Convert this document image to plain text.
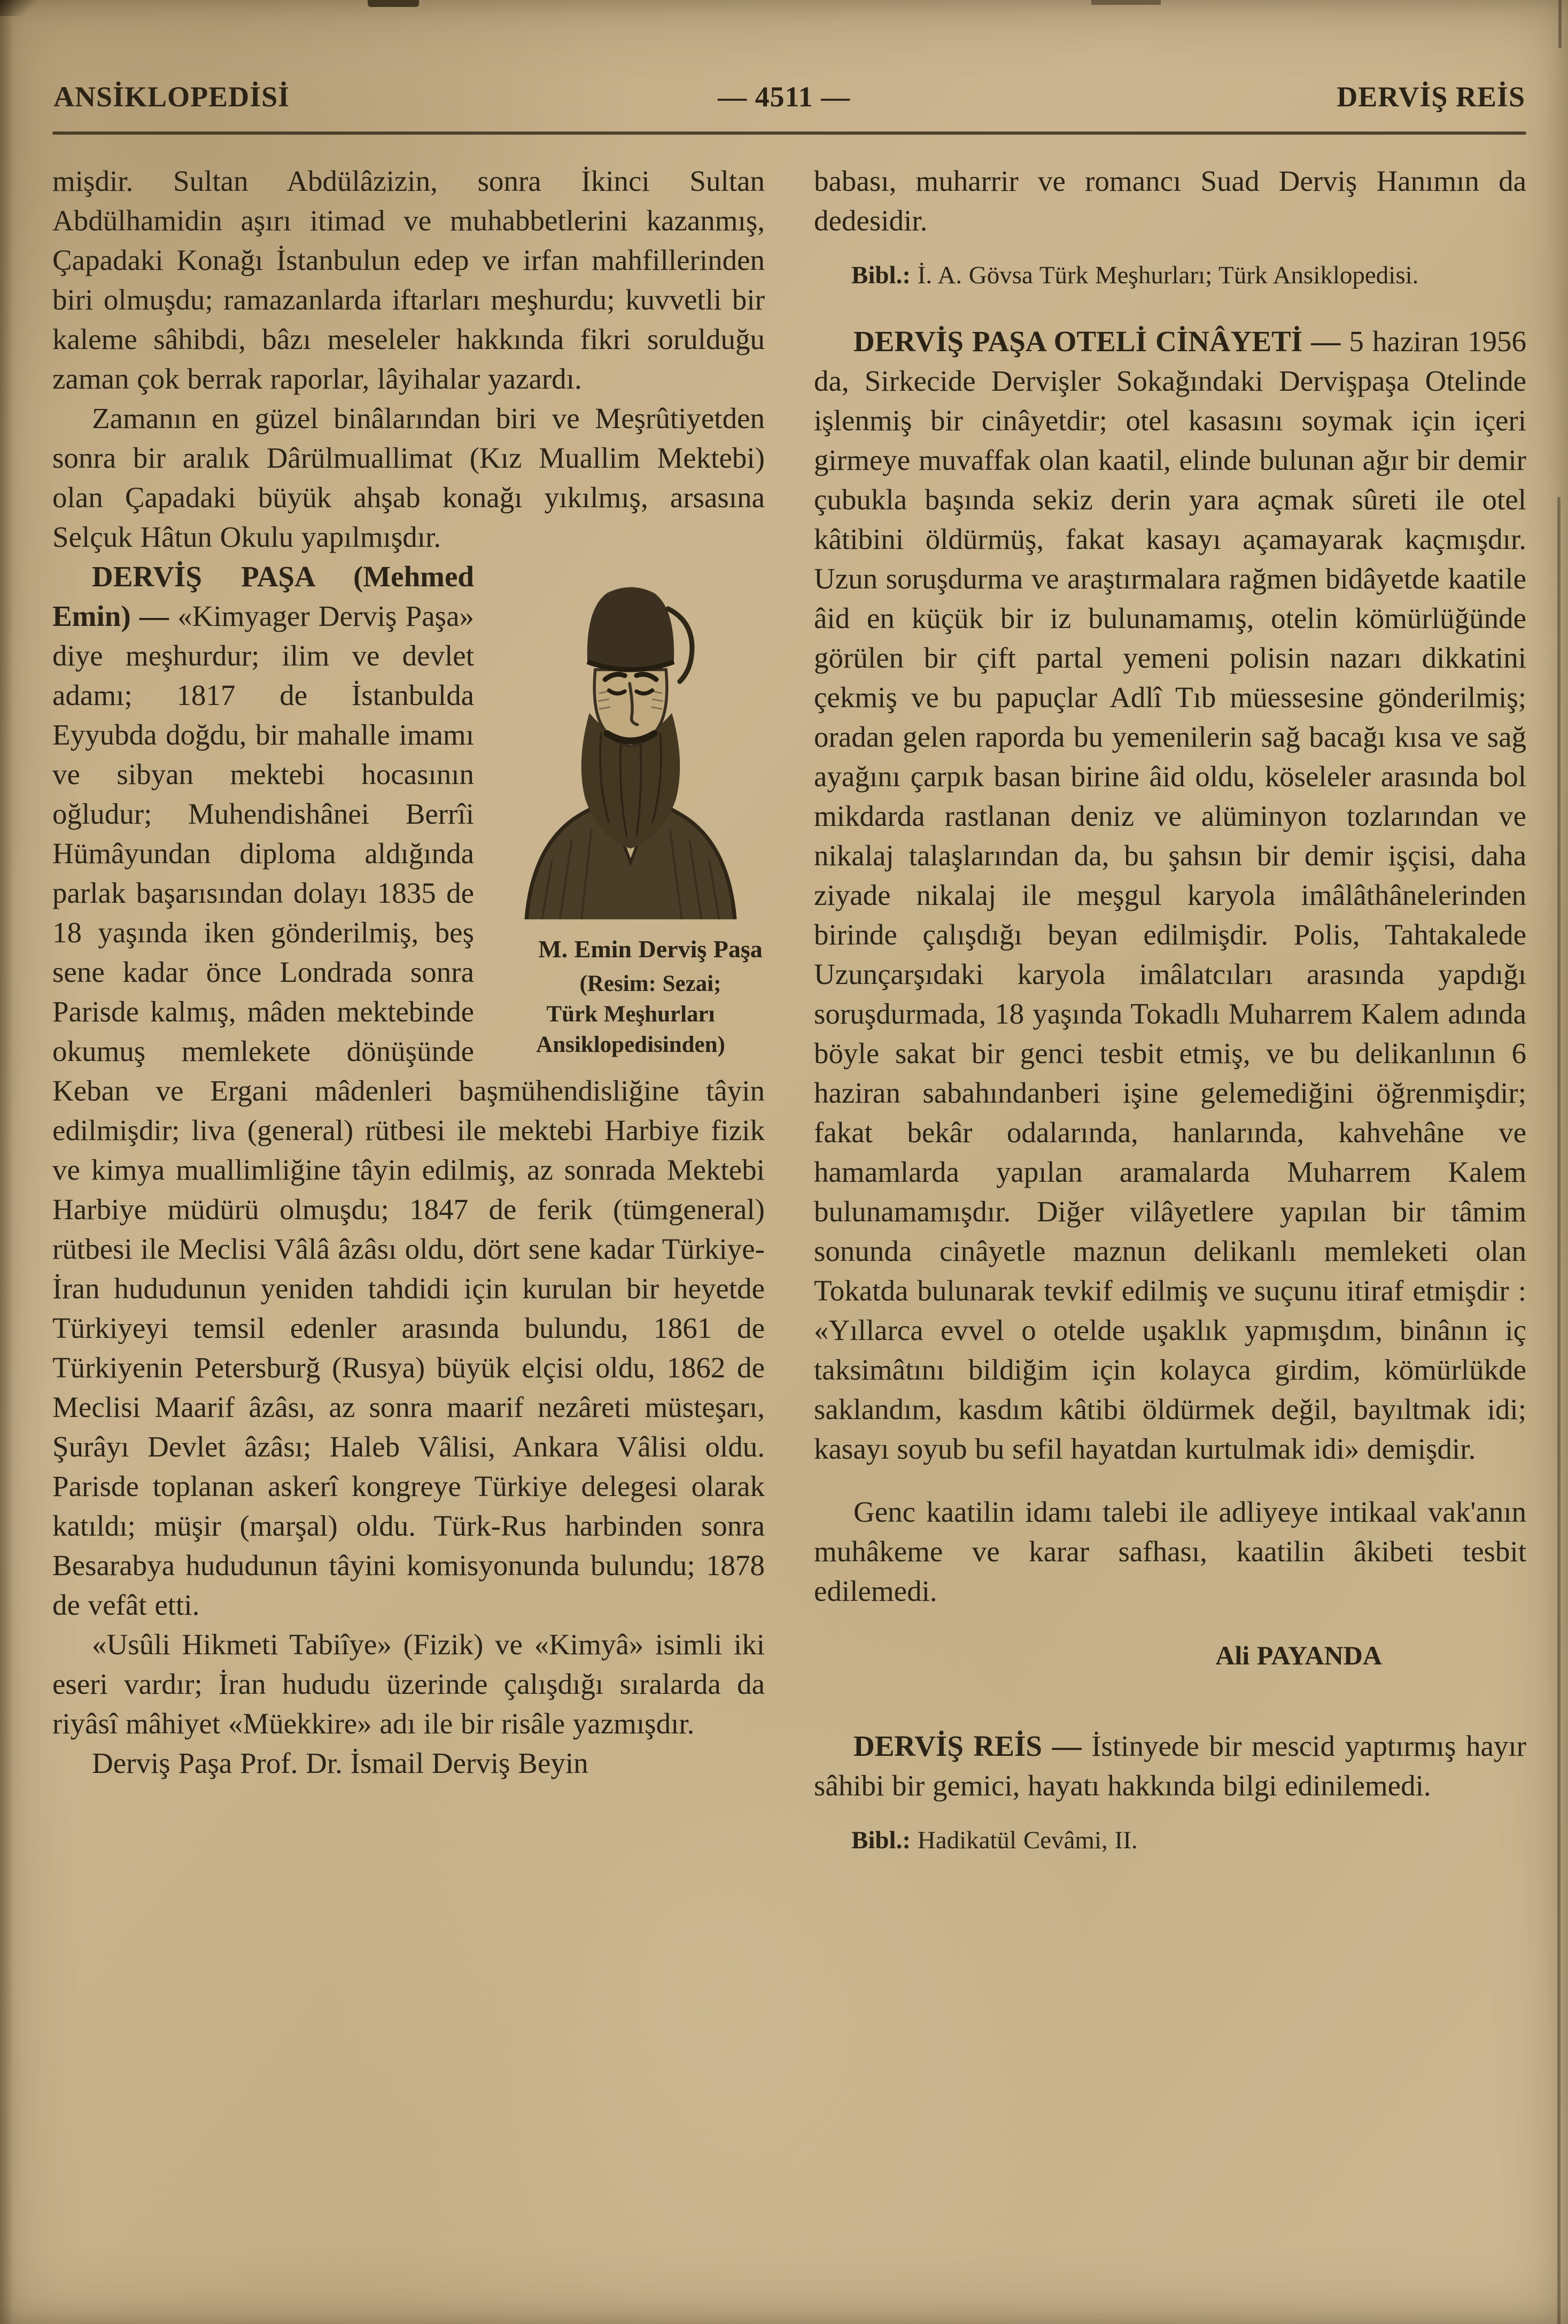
ANSİKLOPEDİSİ	— 4511 —	DERVİŞ REİS

mişdir. Sultan Abdülâzizin, sonra İkinci Sultan Abdülhamidin aşırı itimad ve muhabbetlerini kazanmış, Çapadaki Konağı İstanbulun edep ve irfan mahfillerinden biri olmuşdu; ramazanlarda iftarları meşhurdu; kuvvetli bir kaleme sâhibdi, bâzı meseleler hakkında fikri sorulduğu zaman çok berrak raporlar, lâyihalar yazardı.

Zamanın en güzel binâlarından biri ve Meşrûtiyetden sonra bir aralık Dârülmuallimat (Kız Muallim Mektebi) olan Çapadaki büyük ahşab konağı yıkılmış, arsasına Selçuk Hâtun Okulu yapılmışdır.

M. Emin Derviş Paşa
(Resim: Sezai; Türk Meşhurları Ansiklopedisinden)
DERVİŞ PAŞA (Mehmed Emin) — «Kimyager Derviş Paşa» diye meşhurdur; ilim ve devlet adamı; 1817 de İstanbulda Eyyubda doğdu, bir mahalle imamı ve sibyan mektebi hocasının oğludur; Muhendishânei Berrîi Hümâyundan diploma aldığında parlak başarısından dolayı 1835 de 18 yaşında iken gönderilmiş, beş sene kadar önce Londrada sonra Parisde kalmış, mâden mektebinde okumuş memlekete dönüşünde Keban ve Ergani mâdenleri başmühendisliğine tâyin edilmişdir; liva (general) rütbesi ile mektebi Harbiye fizik ve kimya muallimliğine tâyin edilmiş, az sonrada Mektebi Harbiye müdürü olmuşdu; 1847 de ferik (tümgeneral) rütbesi ile Meclisi Vâlâ âzâsı oldu, dört sene kadar Türkiye-İran hududunun yeniden tahdidi için kurulan bir heyetde Türkiyeyi temsil edenler arasında bulundu, 1861 de Türkiyenin Petersburğ (Rusya) büyük elçisi oldu, 1862 de Meclisi Maarif âzâsı, az sonra maarif nezâreti müsteşarı, Şurâyı Devlet âzâsı; Haleb Vâlisi, Ankara Vâlisi oldu. Parisde toplanan askerî kongreye Türkiye delegesi olarak katıldı; müşir (marşal) oldu. Türk-Rus harbinden sonra Besarabya hududunun tâyini komisyonunda bulundu; 1878 de vefât etti.

«Usûli Hikmeti Tabiîye» (Fizik) ve «Kimyâ» isimli iki eseri vardır; İran hududu üzerinde çalışdığı sıralarda da riyâsî mâhiyet «Müekkire» adı ile bir risâle yazmışdır.

Derviş Paşa Prof. Dr. İsmail Derviş Beyin

babası, muharrir ve romancı Suad Derviş Hanımın da dedesidir.

Bibl.: İ. A. Gövsa Türk Meşhurları; Türk Ansiklopedisi.

DERVİŞ PAŞA OTELİ CİNÂYETİ — 5 haziran 1956 da, Sirkecide Dervişler Sokağındaki Dervişpaşa Otelinde işlenmiş bir cinâyetdir; otel kasasını soymak için içeri girmeye muvaffak olan kaatil, elinde bulunan ağır bir demir çubukla başında sekiz derin yara açmak sûreti ile otel kâtibini öldürmüş, fakat kasayı açamayarak kaçmışdır. Uzun soruşdurma ve araştırmalara rağmen bidâyetde kaatile âid en küçük bir iz bulunamamış, otelin kömürlüğünde görülen bir çift partal yemeni polisin nazarı dikkatini çekmiş ve bu papuçlar Adlî Tıb müessesine gönderilmiş; oradan gelen raporda bu yemenilerin sağ bacağı kısa ve sağ ayağını çarpık basan birine âid oldu, köseleler arasında bol mikdarda rastlanan deniz ve alüminyon tozlarından ve nikalaj talaşlarından da, bu şahsın bir demir işçisi, daha ziyade nikalaj ile meşgul karyola imâlâthânelerinden birinde çalışdığı beyan edilmişdir. Polis, Tahtakalede Uzunçarşıdaki karyola imâlatcıları arasında yapdığı soruşdurmada, 18 yaşında Tokadlı Muharrem Kalem adında böyle sakat bir genci tesbit etmiş, ve bu delikanlının 6 haziran sabahındanberi işine gelemediğini öğrenmişdir; fakat bekâr odalarında, hanlarında, kahvehâne ve hamamlarda yapılan aramalarda Muharrem Kalem bulunamamışdır. Diğer vilâyetlere yapılan bir tâmim sonunda cinâyetle maznun delikanlı memleketi olan Tokatda bulunarak tevkif edilmiş ve suçunu itiraf etmişdir : «Yıllarca evvel o otelde uşaklık yapmışdım, binânın iç taksimâtını bildiğim için kolayca girdim, kömürlükde saklandım, kasdım kâtibi öldürmek değil, bayıltmak idi; kasayı soyub bu sefil hayatdan kurtulmak idi» demişdir.

Genc kaatilin idamı talebi ile adliyeye intikaal vak'anın muhâkeme ve karar safhası, kaatilin âkibeti tesbit edilemedi.

Ali PAYANDA

DERVİŞ REİS — İstinyede bir mescid yaptırmış hayır sâhibi bir gemici, hayatı hakkında bilgi edinilemedi.

Bibl.: Hadikatül Cevâmi, II.
